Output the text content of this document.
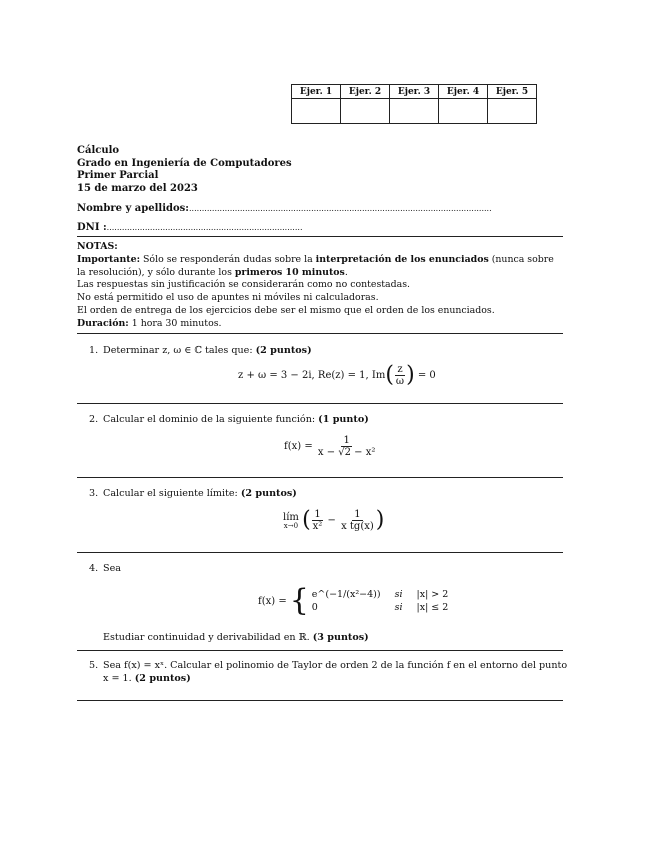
Ejer. 1	Ejer. 2	Ejer. 3	Ejer. 4	Ejer. 5

Cálculo
Grado en Ingeniería de Computadores
Primer Parcial
15 de marzo del 2023
Nombre y apellidos:.......................................................................................................................
DNI :.............................................................................
NOTAS:
Importante: Sólo se responderán dudas sobre la interpretación de los enunciados (nunca sobre la resolución), y sólo durante los primeros 10 minutos.
Las respuestas sin justificación se considerarán como no contestadas.
No está permitido el uso de apuntes ni móviles ni calculadoras.
El orden de entrega de los ejercicios debe ser el mismo que el orden de los enunciados.
Duración: 1 hora 30 minutos.
1. Determinar z, ω ∈ ℂ tales que: (2 puntos)
z + ω = 3 − 2i, Re(z) = 1, $Im( \frac{z}{\omega}$ ) = 0
2. Calcular el dominio de la siguiente función: (1 punto)
$f(x) = \frac{1}{\text{x − √2 − x²}}$
3. Calcular el siguiente límite: (2 puntos)
lím
x→0 ( $\frac{1}{\text{x²}} - \frac{1}{\text{x tg(x)}}$ )
4. Sea
f(x) = { e^(−1/(x²−4)) si |x| > 2
0	si |x| ≤ 2
Estudiar continuidad y derivabilidad en ℝ. (3 puntos)
5. Sea f(x) = xˣ. Calcular el polinomio de Taylor de orden 2 de la función f en el entorno del punto
x = 1. (2 puntos)
